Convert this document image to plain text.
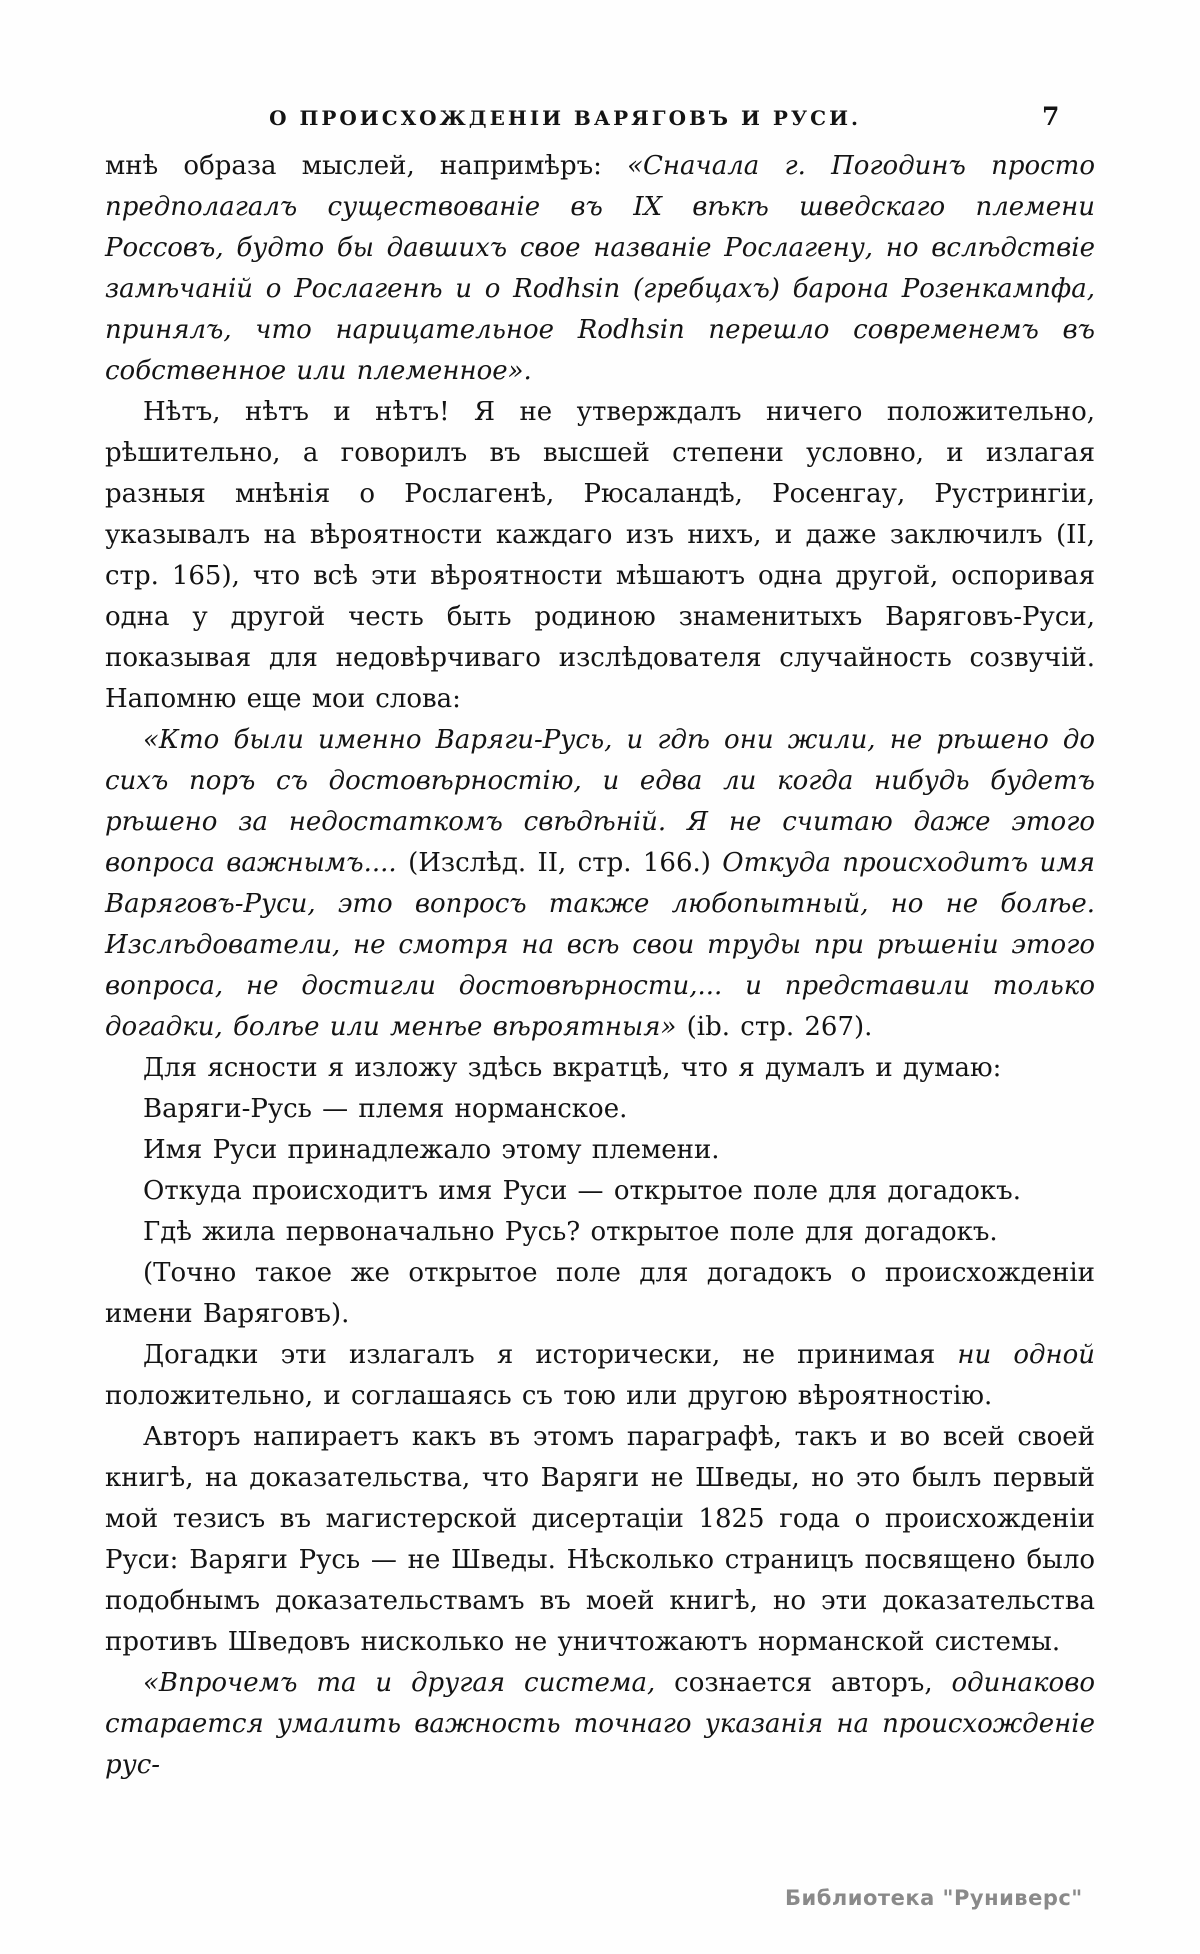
О ПРОИСХОЖДЕНІИ ВАРЯГОВЪ И РУСИ.	7

мнѣ образа мыслей, напримѣръ: «Сначала г. Погодинъ просто предполагалъ существованіе въ IX вѣкѣ шведскаго племени Россовъ, будто бы давшихъ свое названіе Рослагену, но вслѣдствіе замѣчаній о Рослагенѣ и о Rodhsin (гребцахъ) барона Розенкампфа, принялъ, что нарицательное Rodhsin перешло современемъ въ собственное или племенное».

Нѣтъ, нѣтъ и нѣтъ! Я не утверждалъ ничего положительно, рѣшительно, а говорилъ въ высшей степени условно, и излагая разныя мнѣнія о Рослагенѣ, Рюсаландѣ, Росенгау, Рустрингіи, указывалъ на вѣроятности каждаго изъ нихъ, и даже заключилъ (II, стр. 165), что всѣ эти вѣроятности мѣшаютъ одна другой, оспоривая одна у другой честь быть родиною знаменитыхъ Варяговъ-Руси, показывая для недовѣрчиваго изслѣдователя случайность созвучій. Напомню еще мои слова:

«Кто были именно Варяги-Русь, и гдѣ они жили, не рѣшено до сихъ поръ съ достовѣрностію, и едва ли когда нибудь будетъ рѣшено за недостаткомъ свѣдѣній. Я не считаю даже этого вопроса важнымъ.... (Изслѣд. II, стр. 166.) Откуда происходитъ имя Варяговъ-Руси, это вопросъ также любопытный, но не болѣе. Изслѣдователи, не смотря на всѣ свои труды при рѣшеніи этого вопроса, не достигли достовѣрности,... и представили только догадки, болѣе или менѣе вѣроятныя» (ib. стр. 267).

Для ясности я изложу здѣсь вкратцѣ, что я думалъ и думаю:

Варяги-Русь — племя норманское.

Имя Руси принадлежало этому племени.

Откуда происходитъ имя Руси — открытое поле для догадокъ.

Гдѣ жила первоначально Русь? открытое поле для догадокъ.

(Точно такое же открытое поле для догадокъ о происхожденіи имени Варяговъ).

Догадки эти излагалъ я исторически, не принимая ни одной положительно, и соглашаясь съ тою или другою вѣроятностію.

Авторъ напираетъ какъ въ этомъ параграфѣ, такъ и во всей своей книгѣ, на доказательства, что Варяги не Шведы, но это былъ первый мой тезисъ въ магистерской дисертаціи 1825 года о происхожденіи Руси: Варяги Русь — не Шведы. Нѣсколько страницъ посвящено было подобнымъ доказательствамъ въ моей книгѣ, но эти доказательства противъ Шведовъ нисколько не уничтожаютъ норманской системы.

«Впрочемъ та и другая система, сознается авторъ, одинаково старается умалить важность точнаго указанія на происхожденіе рус-

Библиотека "Руниверс"
